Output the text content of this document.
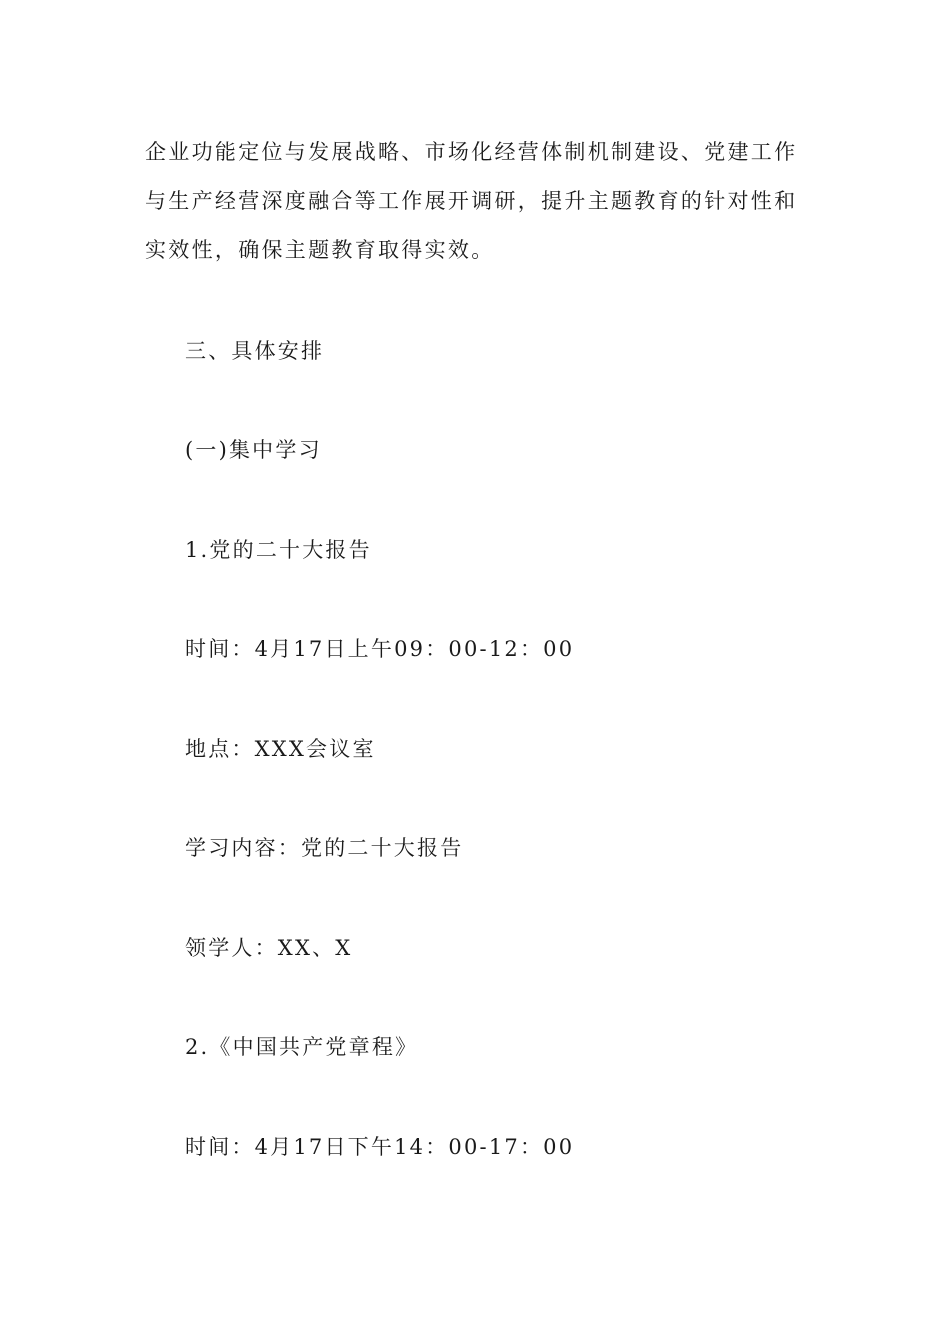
企业功能定位与发展战略、市场化经营体制机制建设、党建工作与生产经营深度融合等工作展开调研，提升主题教育的针对性和实效性，确保主题教育取得实效。

三、具体安排

(一)集中学习

1.党的二十大报告

时间：4月17日上午09：00-12：00

地点：XXX会议室

学习内容：党的二十大报告

领学人：XX、X

2.《中国共产党章程》

时间：4月17日下午14：00-17：00
